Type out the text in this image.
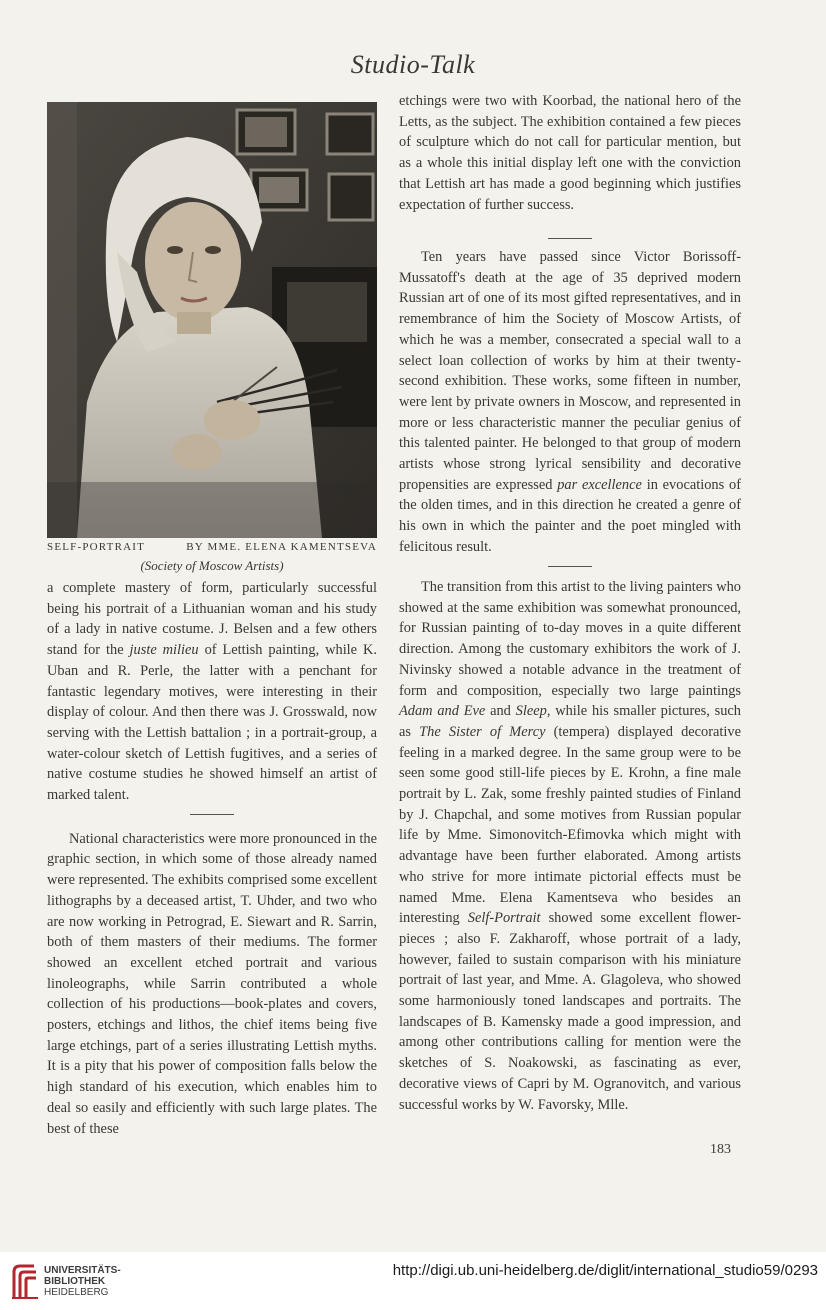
Studio-Talk
SELF-PORTRAIT	BY MME. ELENA KAMENTSEVA
(Society of Moscow Artists)

a complete mastery of form, particularly successful being his portrait of a Lithuanian woman and his study of a lady in native costume. J. Belsen and a few others stand for the juste milieu of Lettish painting, while K. Uban and R. Perle, the latter with a penchant for fantastic legendary motives, were interesting in their display of colour. And then there was J. Grosswald, now serving with the Lettish battalion ; in a portrait-group, a water-colour sketch of Lettish fugitives, and a series of native costume studies he showed himself an artist of marked talent.

National characteristics were more pronounced in the graphic section, in which some of those already named were represented. The exhibits comprised some excellent lithographs by a deceased artist, T. Uhder, and two who are now working in Petrograd, E. Siewart and R. Sarrin, both of them masters of their mediums. The former showed an excellent etched portrait and various linoleographs, while Sarrin contributed a whole collection of his productions—book-plates and covers, posters, etchings and lithos, the chief items being five large etchings, part of a series illustrating Lettish myths. It is a pity that his power of composition falls below the high standard of his execution, which enables him to deal so easily and efficiently with such large plates. The best of these

etchings were two with Koorbad, the national hero of the Letts, as the subject. The exhibition contained a few pieces of sculpture which do not call for particular mention, but as a whole this initial display left one with the conviction that Lettish art has made a good beginning which justifies expectation of further success.

Ten years have passed since Victor Borissoff-Mussatoff's death at the age of 35 deprived modern Russian art of one of its most gifted representatives, and in remembrance of him the Society of Moscow Artists, of which he was a member, consecrated a special wall to a select loan collection of works by him at their twenty-second exhibition. These works, some fifteen in number, were lent by private owners in Moscow, and represented in more or less characteristic manner the peculiar genius of this talented painter. He belonged to that group of modern artists whose strong lyrical sensibility and decorative propensities are expressed par excellence in evocations of the olden times, and in this direction he created a genre of his own in which the painter and the poet mingled with felicitous result.

The transition from this artist to the living painters who showed at the same exhibition was somewhat pronounced, for Russian painting of to-day moves in a quite different direction. Among the customary exhibitors the work of J. Nivinsky showed a notable advance in the treatment of form and composition, especially two large paintings Adam and Eve and Sleep, while his smaller pictures, such as The Sister of Mercy (tempera) displayed decorative feeling in a marked degree. In the same group were to be seen some good still-life pieces by E. Krohn, a fine male portrait by L. Zak, some freshly painted studies of Finland by J. Chapchal, and some motives from Russian popular life by Mme. Simonovitch-Efimovka which might with advantage have been further elaborated. Among artists who strive for more intimate pictorial effects must be named Mme. Elena Kamentseva who besides an interesting Self-Portrait showed some excellent flower-pieces ; also F. Zakharoff, whose portrait of a lady, however, failed to sustain comparison with his miniature portrait of last year, and Mme. A. Glagoleva, who showed some harmoniously toned landscapes and portraits. The landscapes of B. Kamensky made a good impression, and among other contributions calling for mention were the sketches of S. Noakowski, as fascinating as ever, decorative views of Capri by M. Ogranovitch, and various successful works by W. Favorsky, Mlle.

183
UNIVERSITÄTS-
BIBLIOTHEK
HEIDELBERG
http://digi.ub.uni-heidelberg.de/diglit/international_studio59/0293
